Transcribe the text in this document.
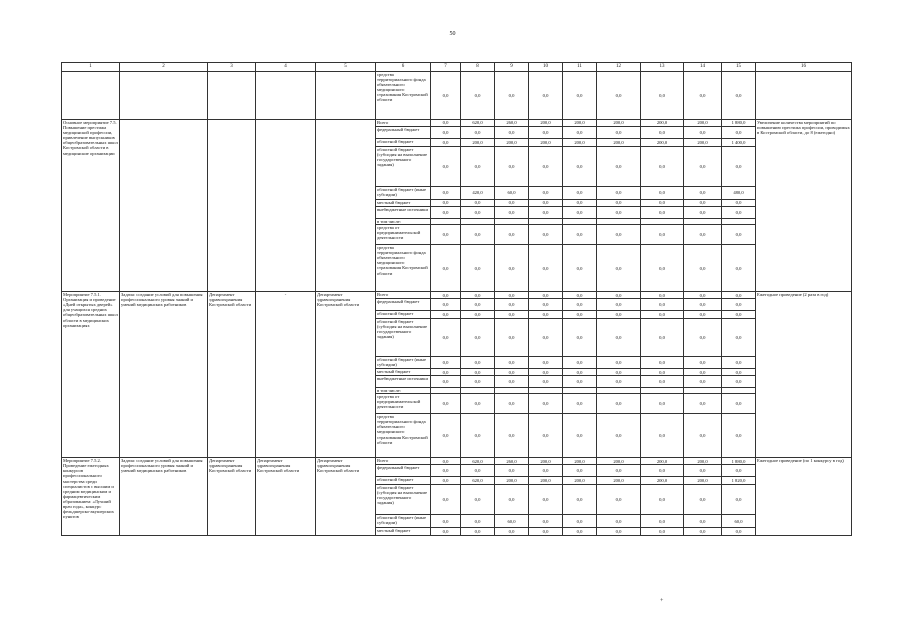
50
1	2	3	4	5	6	7	8	9	10	11	12	13	14	15	16
					средства территориального фонда обязательного медицинского страхования Костромской области	0,0	0,0	0,0	0,0	0,0	0,0	0,0	0,0	0,0	
Основное мероприятие 7.5. Повышение престижа медицинской профессии, привлечение выпускников общеобразовательных школ Костромской области в медицинские организации					Всего	0,0	620,0	260,0	200,0	200,0	200,0	200,0	200,0	1 880,0	Увеличение количества мероприятий по повышению престижа профессии, проводимых в Костромской области, до 8 (ежегодно)
					федеральный бюджет	0,0	0,0	0,0	0,0	0,0	0,0	0,0	0,0	0,0	
					областной бюджет	0,0	200,0	200,0	200,0	200,0	200,0	200,0	200,0	1 400,0	
					областной бюджет (субсидия на выполнение государственного задания)	0,0	0,0	0,0	0,0	0,0	0,0	0,0	0,0	0,0	
					областной бюджет (иные субсидии)	0,0	420,0	60,0	0,0	0,0	0,0	0,0	0,0	480,0	
					местный бюджет	0,0	0,0	0,0	0,0	0,0	0,0	0,0	0,0	0,0	
					внебюджетные источники	0,0	0,0	0,0	0,0	0,0	0,0	0,0	0,0	0,0	
					в том числе:										
					средства от предпринимательской деятельности	0,0	0,0	0,0	0,0	0,0	0,0	0,0	0,0	0,0	
					средства территориального фонда обязательного медицинского страхования Костромской области	0,0	0,0	0,0	0,0	0,0	0,0	0,0	0,0	0,0	
Мероприятие 7.5.1. Организация и проведение «Дней открытых дверей» для учащихся средних общеобразовательных школ области в медицинских организациях	Задача: создание условий для повышения профессионального уровня знаний и умений медицинских работников	Департамент здравоохранения Костромской области	-	Департамент здравоохранения Костромской области	Всего	0,0	0,0	0,0	0,0	0,0	0,0	0,0	0,0	0,0	Ежегодное проведение (2 раза в год)
					федеральный бюджет	0,0	0,0	0,0	0,0	0,0	0,0	0,0	0,0	0,0	
					областной бюджет	0,0	0,0	0,0	0,0	0,0	0,0	0,0	0,0	0,0	
					областной бюджет (субсидия на выполнение государственного задания)	0,0	0,0	0,0	0,0	0,0	0,0	0,0	0,0	0,0	
					областной бюджет (иные субсидии)	0,0	0,0	0,0	0,0	0,0	0,0	0,0	0,0	0,0	
					местный бюджет	0,0	0,0	0,0	0,0	0,0	0,0	0,0	0,0	0,0	
					внебюджетные источники	0,0	0,0	0,0	0,0	0,0	0,0	0,0	0,0	0,0	
					в том числе:										
					средства от предпринимательской деятельности	0,0	0,0	0,0	0,0	0,0	0,0	0,0	0,0	0,0	
					средства территориального фонда обязательного медицинского страхования Костромской области	0,0	0,0	0,0	0,0	0,0	0,0	0,0	0,0	0,0	
Мероприятие 7.5.2. Проведение ежегодных конкурсов профессионального мастерства среди специалистов с высшим и средним медицинским и фармацевтическим образованием: «Лучший врач года», конкурс фельдшерско-акушерских пунктов	Задача: создание условий для повышения профессионального уровня знаний и умений медицинских работников	Департамент здравоохранения Костромской области	Департамент здравоохранения Костромской области	Департамент здравоохранения Костромской области	Всего	0,0	620,0	260,0	200,0	200,0	200,0	200,0	200,0	1 880,0	Ежегодное проведение (по 1 конкурсу в год)
					федеральный бюджет	0,0	0,0	0,0	0,0	0,0	0,0	0,0	0,0	0,0	
					областной бюджет	0,0	620,0	200,0	200,0	200,0	200,0	200,0	200,0	1 820,0	
					областной бюджет (субсидия на выполнение государственного задания)	0,0	0,0	0,0	0,0	0,0	0,0	0,0	0,0	0,0	
					областной бюджет (иные субсидии)	0,0	0,0	60,0	0,0	0,0	0,0	0,0	0,0	60,0	
					местный бюджет	0,0	0,0	0,0	0,0	0,0	0,0	0,0	0,0	0,0	
+
